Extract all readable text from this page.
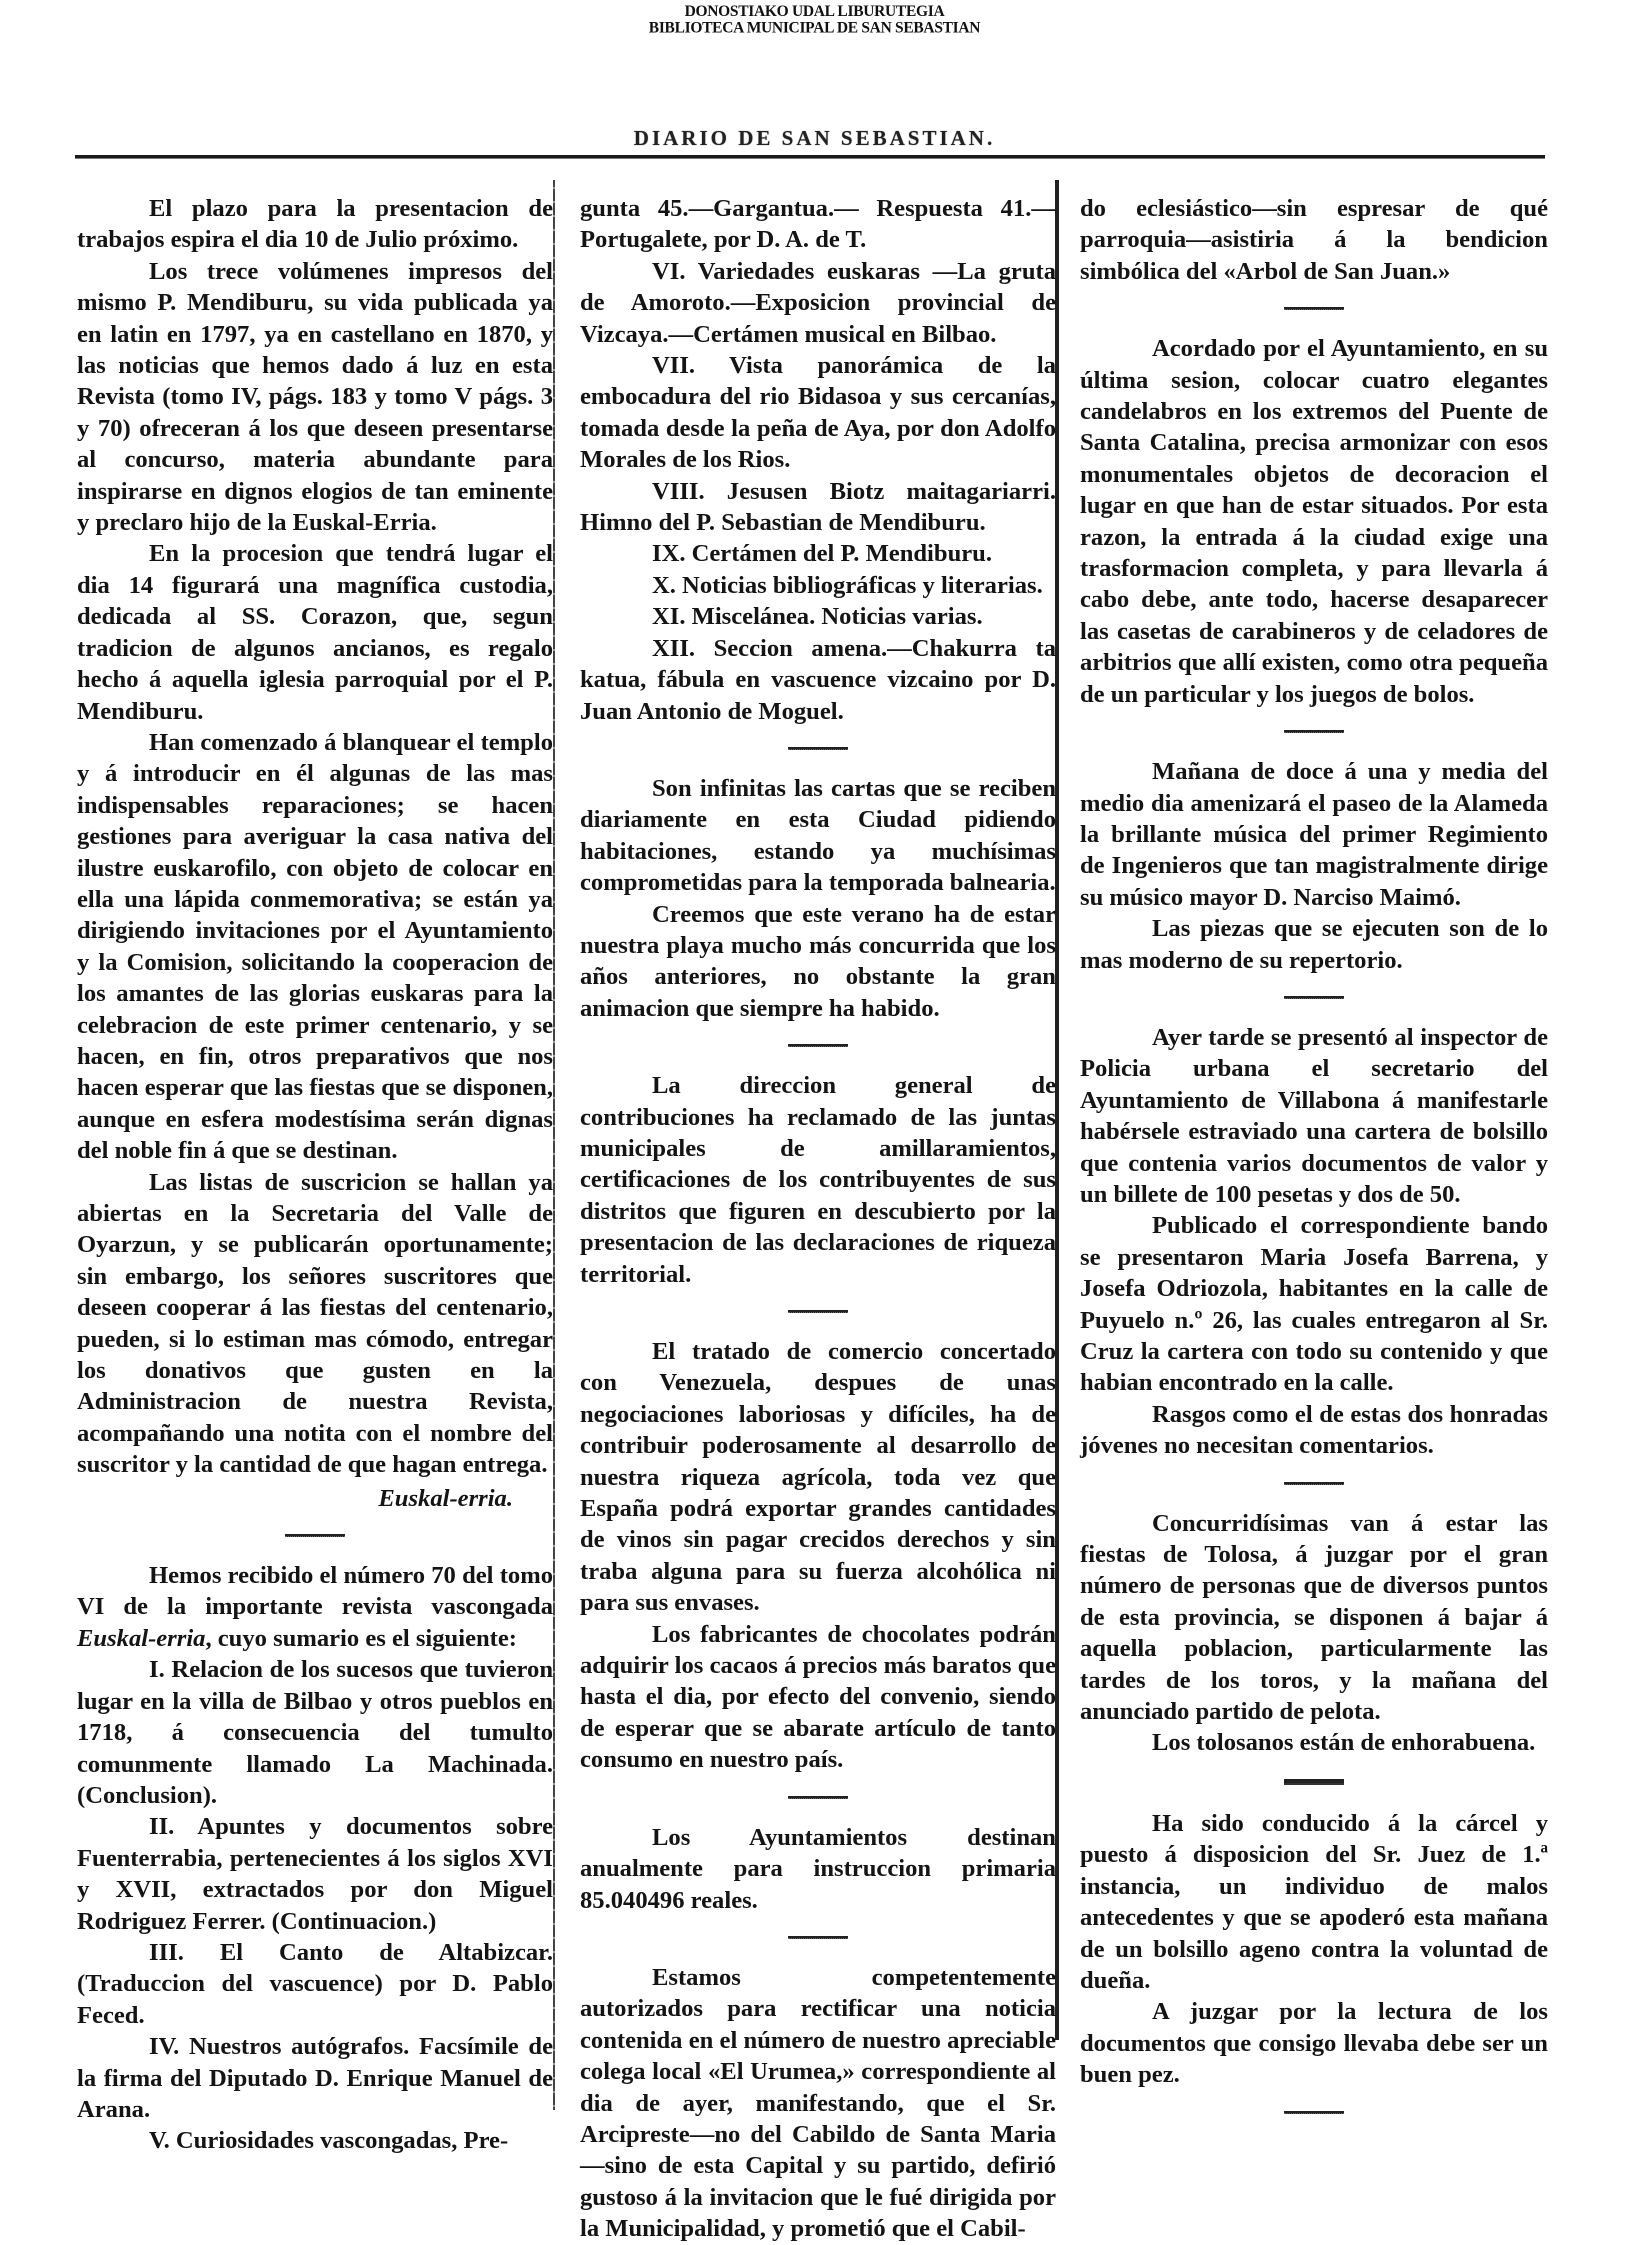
DONOSTIAKO UDAL LIBURUTEGIA
BIBLIOTECA MUNICIPAL DE SAN SEBASTIAN
DIARIO DE SAN SEBASTIAN.

El plazo para la presentacion de trabajos espira el dia 10 de Julio próximo.

Los trece volúmenes impresos del mismo P. Mendiburu, su vida publicada ya en latin en 1797, ya en castellano en 1870, y las noticias que hemos dado á luz en esta Revista (tomo IV, págs. 183 y tomo V págs. 3 y 70) ofreceran á los que deseen presentarse al concurso, materia abundante para inspirarse en dignos elogios de tan eminente y preclaro hijo de la Euskal-Erria.

En la procesion que tendrá lugar el dia 14 figurará una magnífica custodia, dedicada al SS. Corazon, que, segun tradicion de algunos ancianos, es regalo hecho á aquella iglesia parroquial por el P. Mendiburu.

Han comenzado á blanquear el templo y á introducir en él algunas de las mas indispensables reparaciones; se hacen gestiones para averiguar la casa nativa del ilustre euskarofilo, con objeto de colocar en ella una lápida conmemorativa; se están ya dirigiendo invitaciones por el Ayuntamiento y la Comision, solicitando la cooperacion de los amantes de las glorias euskaras para la celebracion de este primer centenario, y se hacen, en fin, otros preparativos que nos hacen esperar que las fiestas que se disponen, aunque en esfera modestísima serán dignas del noble fin á que se destinan.

Las listas de suscricion se hallan ya abiertas en la Secretaria del Valle de Oyarzun, y se publicarán oportunamente; sin embargo, los señores suscritores que deseen cooperar á las fiestas del centenario, pueden, si lo estiman mas cómodo, entregar los donativos que gusten en la Administracion de nuestra Revista, acompañando una notita con el nombre del suscritor y la cantidad de que hagan entrega.

Euskal-erria.

Hemos recibido el número 70 del tomo VI de la importante revista vascongada Euskal-erria, cuyo sumario es el siguiente:

I. Relacion de los sucesos que tuvieron lugar en la villa de Bilbao y otros pueblos en 1718, á consecuencia del tumulto comunmente llamado La Machinada. (Conclusion).

II. Apuntes y documentos sobre Fuenterrabia, pertenecientes á los siglos XVI y XVII, extractados por don Miguel Rodriguez Ferrer. (Continuacion.)

III. El Canto de Altabizcar. (Traduccion del vascuence) por D. Pablo Feced.

IV. Nuestros autógrafos. Facsímile de la firma del Diputado D. Enrique Manuel de Arana.

V. Curiosidades vascongadas, Pre-

gunta 45.—Gargantua.— Respuesta 41.—Portugalete, por D. A. de T.

VI. Variedades euskaras —La gruta de Amoroto.—Exposicion provincial de Vizcaya.—Certámen musical en Bilbao.

VII. Vista panorámica de la embocadura del rio Bidasoa y sus cercanías, tomada desde la peña de Aya, por don Adolfo Morales de los Rios.

VIII. Jesusen Biotz maitagariarri. Himno del P. Sebastian de Mendiburu.

IX. Certámen del P. Mendiburu.

X. Noticias bibliográficas y literarias.

XI. Miscelánea. Noticias varias.

XII. Seccion amena.—Chakurra ta katua, fábula en vascuence vizcaino por D. Juan Antonio de Moguel.

Son infinitas las cartas que se reciben diariamente en esta Ciudad pidiendo habitaciones, estando ya muchísimas comprometidas para la temporada balnearia.

Creemos que este verano ha de estar nuestra playa mucho más concurrida que los años anteriores, no obstante la gran animacion que siempre ha habido.

La direccion general de contribuciones ha reclamado de las juntas municipales de amillaramientos, certificaciones de los contribuyentes de sus distritos que figuren en descubierto por la presentacion de las declaraciones de riqueza territorial.

El tratado de comercio concertado con Venezuela, despues de unas negociaciones laboriosas y difíciles, ha de contribuir poderosamente al desarrollo de nuestra riqueza agrícola, toda vez que España podrá exportar grandes cantidades de vinos sin pagar crecidos derechos y sin traba alguna para su fuerza alcohólica ni para sus envases.

Los fabricantes de chocolates podrán adquirir los cacaos á precios más baratos que hasta el dia, por efecto del convenio, siendo de esperar que se abarate artículo de tanto consumo en nuestro país.

Los Ayuntamientos destinan anualmente para instruccion primaria 85.040496 reales.

Estamos competentemente autorizados para rectificar una noticia contenida en el número de nuestro apreciable colega local «El Urumea,» correspondiente al dia de ayer, manifestando, que el Sr. Arcipreste—no del Cabildo de Santa Maria —sino de esta Capital y su partido, defirió gustoso á la invitacion que le fué dirigida por la Municipalidad, y prometió que el Cabil-

do eclesiástico—sin espresar de qué parroquia—asistiria á la bendicion simbólica del «Arbol de San Juan.»

Acordado por el Ayuntamiento, en su última sesion, colocar cuatro elegantes candelabros en los extremos del Puente de Santa Catalina, precisa armonizar con esos monumentales objetos de decoracion el lugar en que han de estar situados. Por esta razon, la entrada á la ciudad exige una trasformacion completa, y para llevarla á cabo debe, ante todo, hacerse desaparecer las casetas de carabineros y de celadores de arbitrios que allí existen, como otra pequeña de un particular y los juegos de bolos.

Mañana de doce á una y media del medio dia amenizará el paseo de la Alameda la brillante música del primer Regimiento de Ingenieros que tan magistralmente dirige su músico mayor D. Narciso Maimó.

Las piezas que se ejecuten son de lo mas moderno de su repertorio.

Ayer tarde se presentó al inspector de Policia urbana el secretario del Ayuntamiento de Villabona á manifestarle habérsele estraviado una cartera de bolsillo que contenia varios documentos de valor y un billete de 100 pesetas y dos de 50.

Publicado el correspondiente bando se presentaron Maria Josefa Barrena, y Josefa Odriozola, habitantes en la calle de Puyuelo n.º 26, las cuales entregaron al Sr. Cruz la cartera con todo su contenido y que habian encontrado en la calle.

Rasgos como el de estas dos honradas jóvenes no necesitan comentarios.

Concurridísimas van á estar las fiestas de Tolosa, á juzgar por el gran número de personas que de diversos puntos de esta provincia, se disponen á bajar á aquella poblacion, particularmente las tardes de los toros, y la mañana del anunciado partido de pelota.

Los tolosanos están de enhorabuena.

Ha sido conducido á la cárcel y puesto á disposicion del Sr. Juez de 1.ª instancia, un individuo de malos antecedentes y que se apoderó esta mañana de un bolsillo ageno contra la voluntad de dueña.

A juzgar por la lectura de los documentos que consigo llevaba debe ser un buen pez.
